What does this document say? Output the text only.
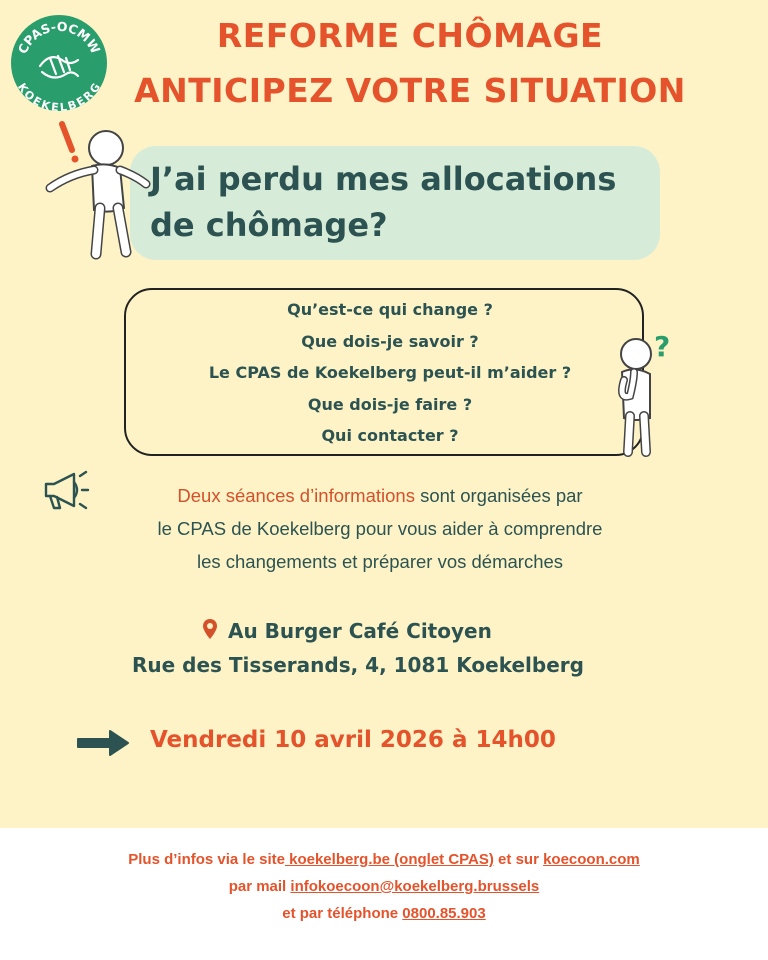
CPAS-OCMW
KOEKELBERG
REFORME CHÔMAGE
ANTICIPEZ VOTRE SITUATION
J’ai perdu mes allocations
de chômage?
Qu’est-ce qui change ?
Que dois-je savoir ?
Le CPAS de Koekelberg peut-il m’aider ?
Que dois-je faire ?
Qui contacter ?
?
Deux séances d’informations sont organisées par
le CPAS de Koekelberg pour vous aider à comprendre
les changements et préparer vos démarches
Au Burger Café Citoyen
Rue des Tisserands, 4, 1081 Koekelberg
Vendredi 10 avril 2026 à 14h00
Plus d’infos via le site koekelberg.be (onglet CPAS) et sur koecoon.com
par mail infokoecoon@koekelberg.brussels
et par téléphone 0800.85.903
